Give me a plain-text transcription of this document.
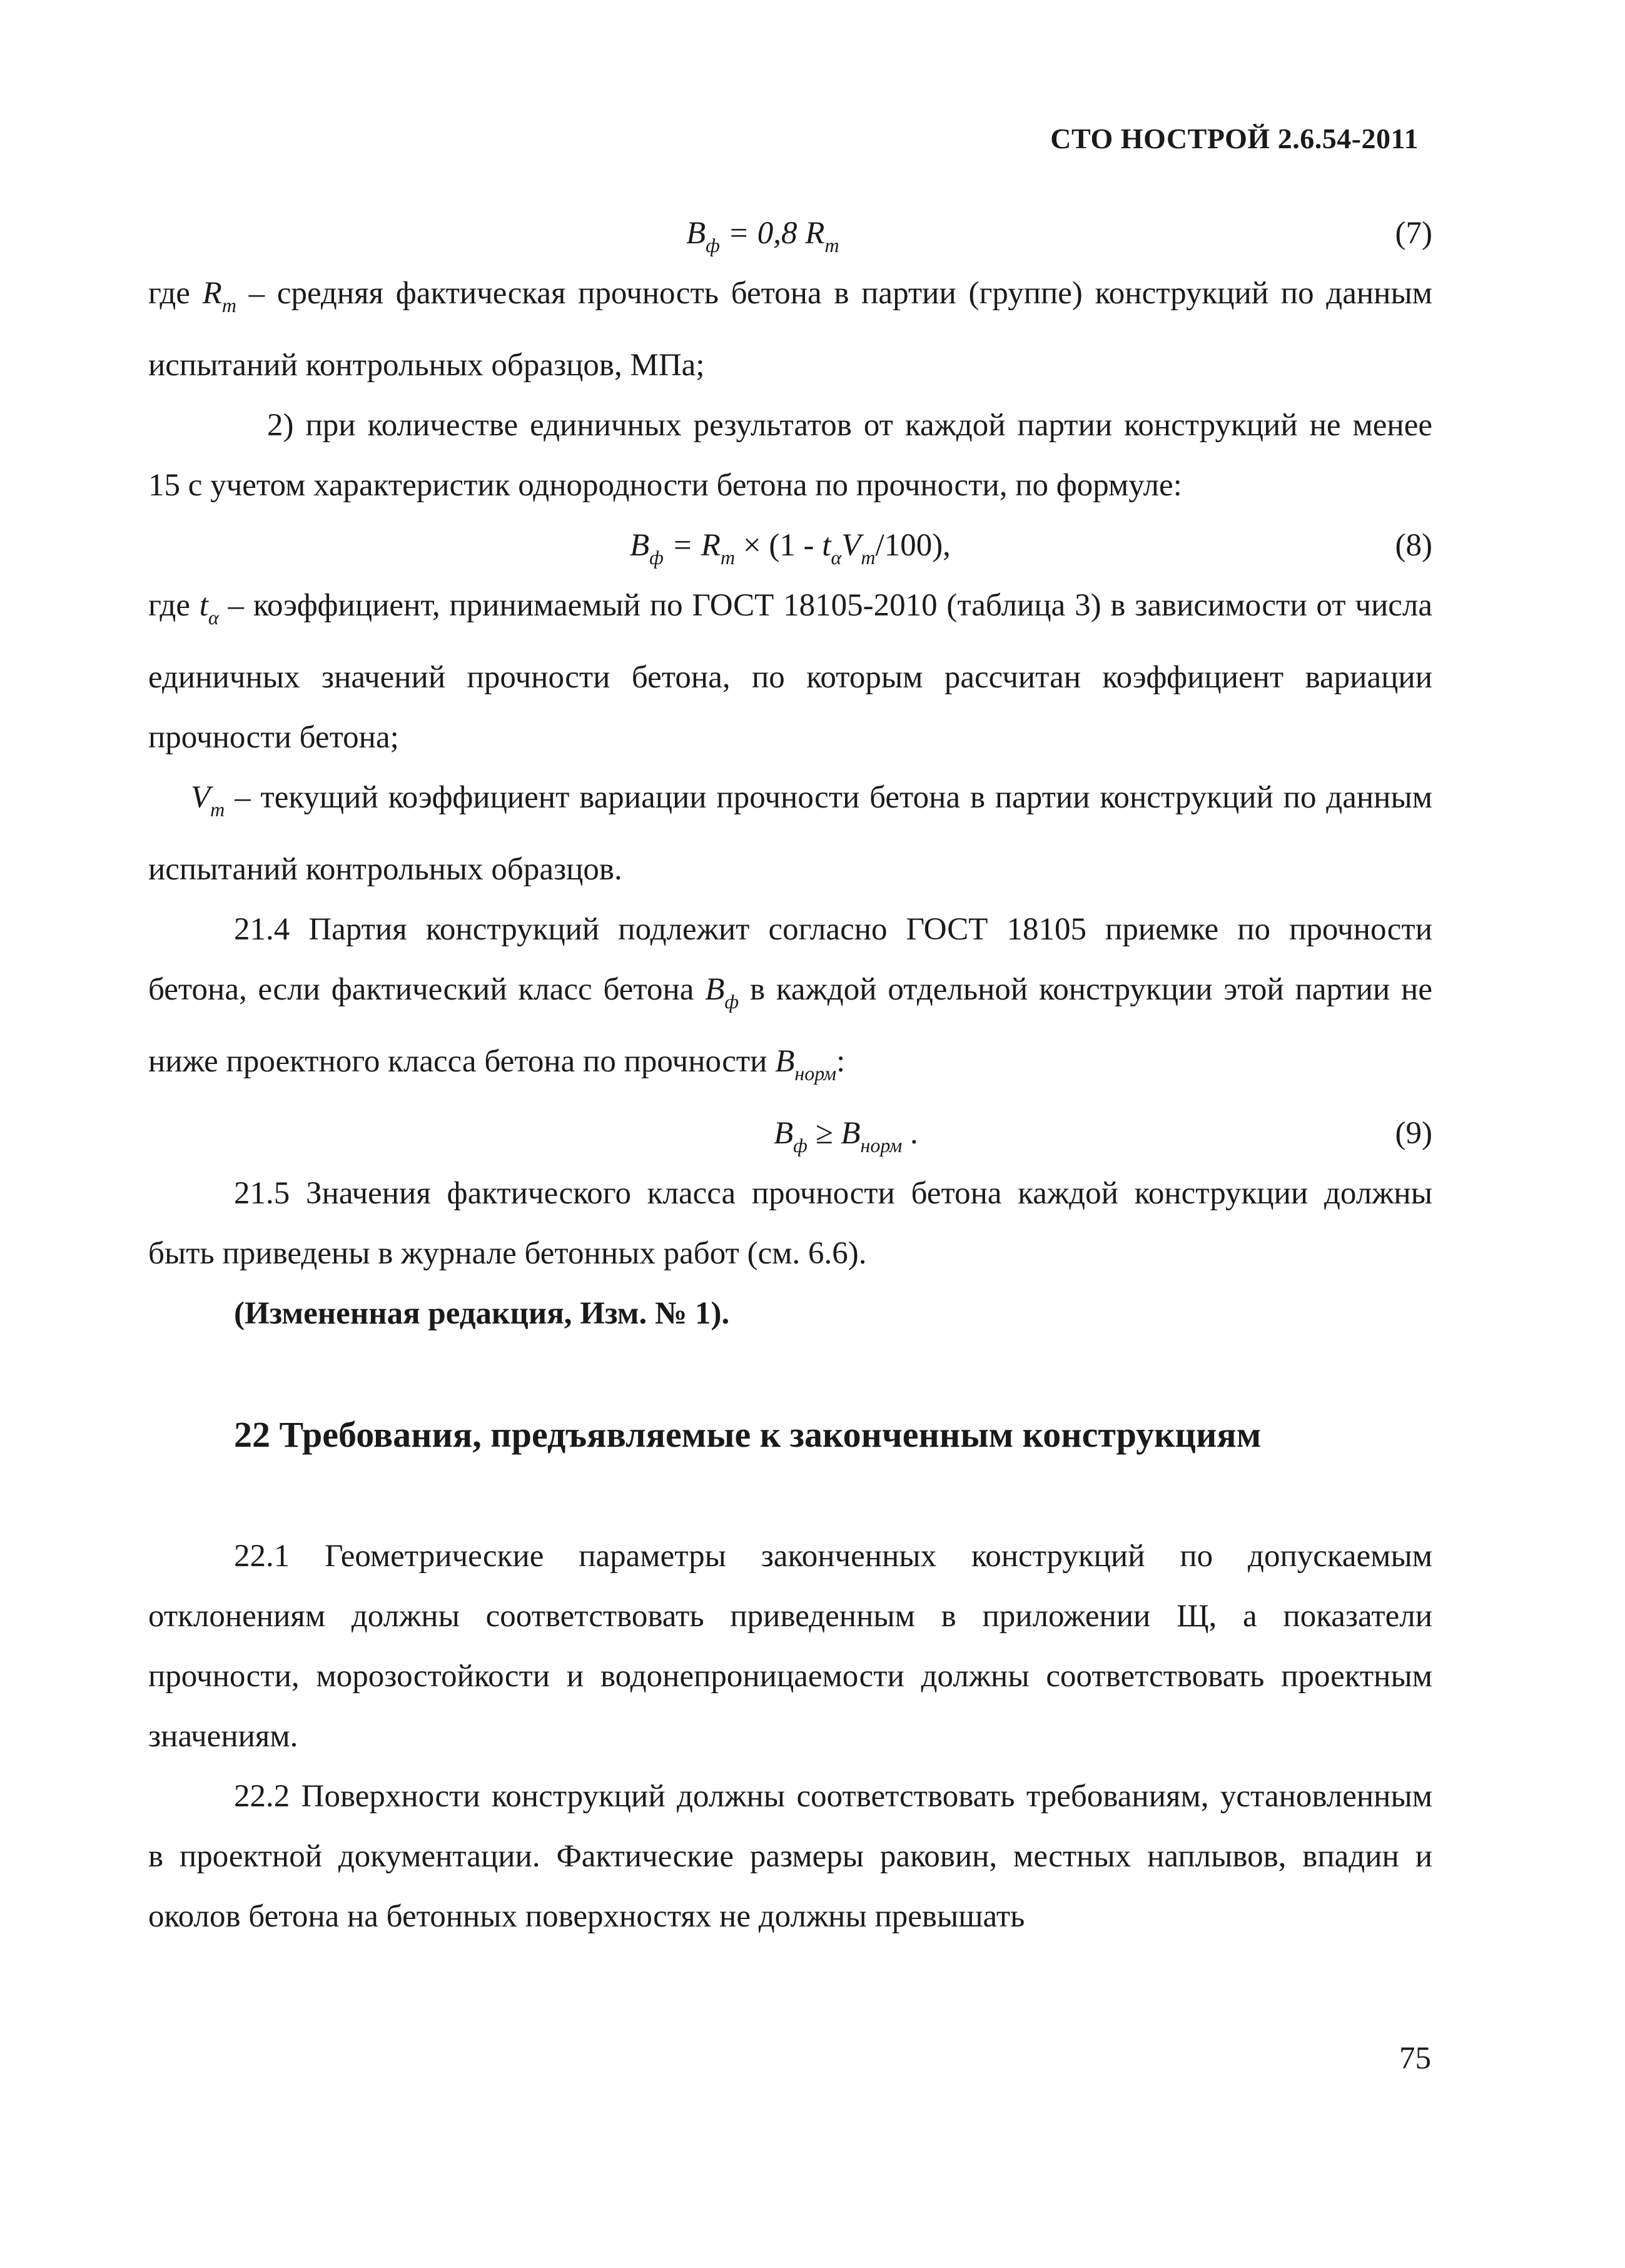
СТО НОСТРОЙ 2.6.54-2011
$B_ф = 0,8$ $R_m$	(7)

где $R_m$ – средняя фактическая прочность бетона в партии (группе) конструкций по данным испытаний контрольных образцов, МПа;

2) при количестве единичных результатов от каждой партии конструкций не менее 15 с учетом характеристик однородности бетона по прочности, по формуле:

$B_ф = R_m \times (1 - t_\alpha V_m/100)$,	(8)

где $t_\alpha$ – коэффициент, принимаемый по ГОСТ 18105-2010 (таблица 3) в зависимости от числа единичных значений прочности бетона, по которым рассчитан коэффициент вариации прочности бетона;

$V_m$ – текущий коэффициент вариации прочности бетона в партии конструкций по данным испытаний контрольных образцов.

21.4 Партия конструкций подлежит согласно ГОСТ 18105 приемке по прочности бетона, если фактический класс бетона $B_ф$ в каждой отдельной конструкции этой партии не ниже проектного класса бетона по прочности $B_{норм}$:

$B_ф \ge B_{норм}$ .	(9)

21.5 Значения фактического класса прочности бетона каждой конструкции должны быть приведены в журнале бетонных работ (см. 6.6).

(Измененная редакция, Изм. № 1).

22 Требования, предъявляемые к законченным конструкциям

22.1 Геометрические параметры законченных конструкций по допускаемым отклонениям должны соответствовать приведенным в приложении Щ, а показатели прочности, морозостойкости и водонепроницаемости должны соответствовать проектным значениям.

22.2 Поверхности конструкций должны соответствовать требованиям, установленным в проектной документации. Фактические размеры раковин, местных наплывов, впадин и околов бетона на бетонных поверхностях не должны превышать

75
